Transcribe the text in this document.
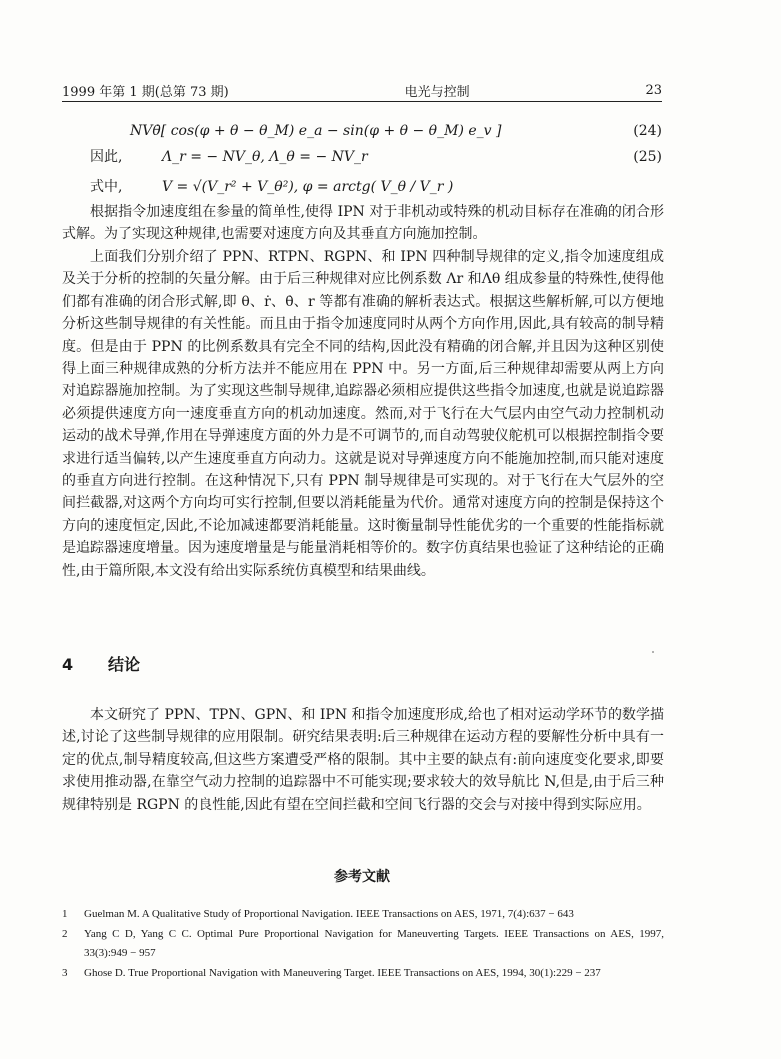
1999 年第 1 期(总第 73 期)	电光与控制	23
NVθ̇[ cos(φ + θ − θ_M) e_a − sin(φ + θ − θ_M) e_v ]	(24)
因此,	Λ_r = − NV_θ, Λ_θ = − NV_r	(25)
式中,	V = √(V_r² + V_θ²), φ = arctg( V_θ / V_r )
根据指令加速度组在参量的简单性,使得 IPN 对于非机动或特殊的机动目标存在准确的闭合形式解。为了实现这种规律,也需要对速度方向及其垂直方向施加控制。
上面我们分别介绍了 PPN、RTPN、RGPN、和 IPN 四种制导规律的定义,指令加速度组成及关于分析的控制的矢量分解。由于后三种规律对应比例系数 Λr 和Λθ 组成参量的特殊性,使得他们都有准确的闭合形式解,即 θ、ṙ、θ̇、r 等都有准确的解析表达式。根据这些解析解,可以方便地分析这些制导规律的有关性能。而且由于指令加速度同时从两个方向作用,因此,具有较高的制导精度。但是由于 PPN 的比例系数具有完全不同的结构,因此没有精确的闭合解,并且因为这种区别使得上面三种规律成熟的分析方法并不能应用在 PPN 中。另一方面,后三种规律却需要从两上方向对追踪器施加控制。为了实现这些制导规律,追踪器必须相应提供这些指令加速度,也就是说追踪器必须提供速度方向一速度垂直方向的机动加速度。然而,对于飞行在大气层内由空气动力控制机动运动的战术导弹,作用在导弹速度方面的外力是不可调节的,而自动驾驶仪舵机可以根据控制指令要求进行适当偏转,以产生速度垂直方向动力。这就是说对导弹速度方向不能施加控制,而只能对速度的垂直方向进行控制。在这种情况下,只有 PPN 制导规律是可实现的。对于飞行在大气层外的空间拦截器,对这两个方向均可实行控制,但要以消耗能量为代价。通常对速度方向的控制是保持这个方向的速度恒定,因此,不论加减速都要消耗能量。这时衡量制导性能优劣的一个重要的性能指标就是追踪器速度增量。因为速度增量是与能量消耗相等价的。数字仿真结果也验证了这种结论的正确性,由于篇所限,本文没有给出实际系统仿真模型和结果曲线。
4 结论
本文研究了 PPN、TPN、GPN、和 IPN 和指令加速度形成,给也了相对运动学环节的数学描述,讨论了这些制导规律的应用限制。研究结果表明:后三种规律在运动方程的要解性分析中具有一定的优点,制导精度较高,但这些方案遭受严格的限制。其中主要的缺点有:前向速度变化要求,即要求使用推动器,在靠空气动力控制的追踪器中不可能实现;要求较大的效导航比 N,但是,由于后三种规律特别是 RGPN 的良性能,因此有望在空间拦截和空间飞行器的交会与对接中得到实际应用。
参考文献
1	Guelman M. A Qualitative Study of Proportional Navigation. IEEE Transactions on AES, 1971, 7(4):637 − 643
2	Yang C D, Yang C C. Optimal Pure Proportional Navigation for Maneuverting Targets. IEEE Transactions on AES, 1997, 33(3):949 − 957
3	Ghose D. True Proportional Navigation with Maneuvering Target. IEEE Transactions on AES, 1994, 30(1):229 − 237
